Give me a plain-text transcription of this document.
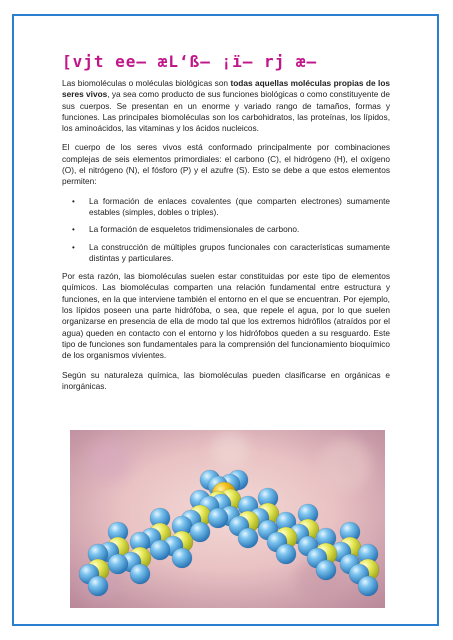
[vjt ee– æL‘ß– ¡ï– rj æ–

Las biomoléculas o moléculas biológicas son todas aquellas moléculas propias de los seres vivos, ya sea como producto de sus funciones biológicas o como constituyente de sus cuerpos. Se presentan en un enorme y variado rango de tamaños, formas y funciones. Las principales biomoléculas son los carbohidratos, las proteínas, los lípidos, los aminoácidos, las vitaminas y los ácidos nucleicos.

El cuerpo de los seres vivos está conformado principalmente por combinaciones complejas de seis elementos primordiales: el carbono (C), el hidrógeno (H), el oxígeno (O), el nitrógeno (N), el fósforo (P) y el azufre (S). Esto se debe a que estos elementos permiten:

• La formación de enlaces covalentes (que comparten electrones) sumamente estables (simples, dobles o triples).
• La formación de esqueletos tridimensionales de carbono.
• La construcción de múltiples grupos funcionales con características sumamente distintas y particulares.

Por esta razón, las biomoléculas suelen estar constituidas por este tipo de elementos químicos. Las biomoléculas comparten una relación fundamental entre estructura y funciones, en la que interviene también el entorno en el que se encuentran. Por ejemplo, los lípidos poseen una parte hidrófoba, o sea, que repele el agua, por lo que suelen organizarse en presencia de ella de modo tal que los extremos hidrófilos (atraídos por el agua) queden en contacto con el entorno y los hidrófobos queden a su resguardo. Este tipo de funciones son fundamentales para la comprensión del funcionamiento bioquímico de los organismos vivientes.

Según su naturaleza química, las biomoléculas pueden clasificarse en orgánicas e inorgánicas.
